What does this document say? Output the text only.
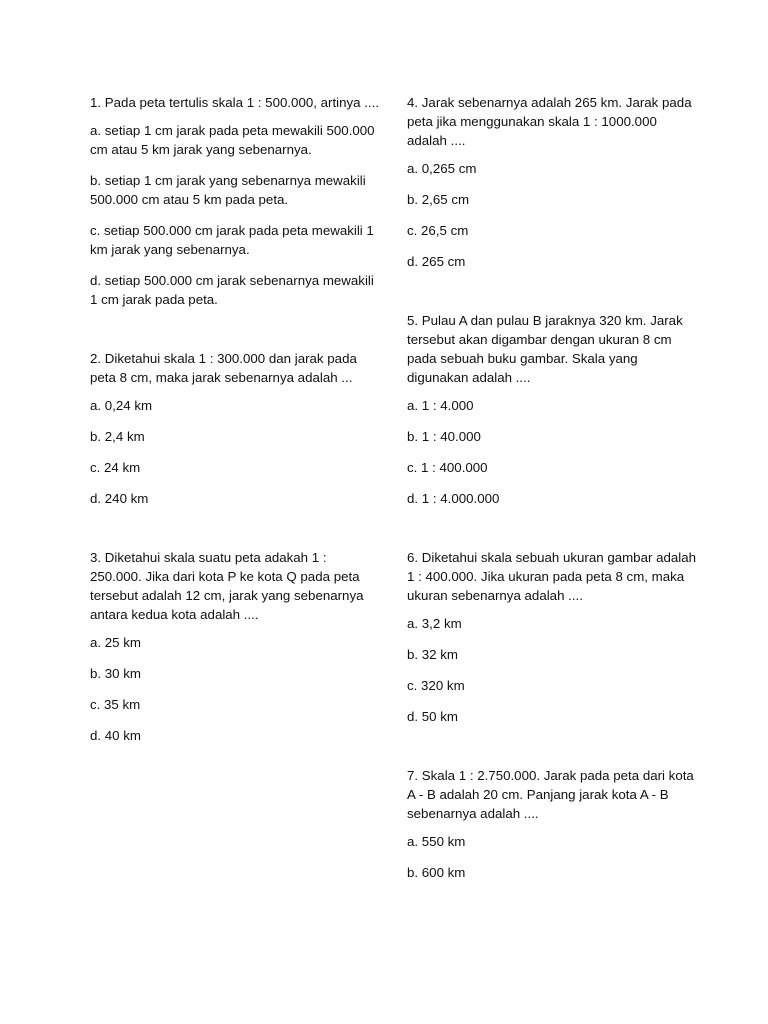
1. Pada peta tertulis skala 1 : 500.000, artinya ....

a. setiap 1 cm jarak pada peta mewakili 500.000 cm atau 5 km jarak yang sebenarnya.

b. setiap 1 cm jarak yang sebenarnya mewakili 500.000 cm atau 5 km pada peta.

c. setiap 500.000 cm jarak pada peta mewakili 1 km jarak yang sebenarnya.

d. setiap 500.000 cm jarak sebenarnya mewakili 1 cm jarak pada peta.

2. Diketahui skala 1 : 300.000 dan jarak pada peta 8 cm, maka jarak sebenarnya adalah ...

a. 0,24 km

b. 2,4 km

c. 24 km

d. 240 km

3. Diketahui skala suatu peta adakah 1 : 250.000. Jika dari kota P ke kota Q pada peta tersebut adalah 12 cm, jarak yang sebenarnya antara kedua kota adalah ....

a. 25 km

b. 30 km

c. 35 km

d. 40 km

4. Jarak sebenarnya adalah 265 km. Jarak pada peta jika menggunakan skala 1 : 1000.000 adalah ....

a. 0,265 cm

b. 2,65 cm

c. 26,5 cm

d. 265 cm

5. Pulau A dan pulau B jaraknya 320 km. Jarak tersebut akan digambar dengan ukuran 8 cm pada sebuah buku gambar. Skala yang digunakan adalah ....

a. 1 : 4.000

b. 1 : 40.000

c. 1 : 400.000

d. 1 : 4.000.000

6. Diketahui skala sebuah ukuran gambar adalah 1 : 400.000. Jika ukuran pada peta 8 cm, maka ukuran sebenarnya adalah ....

a. 3,2 km

b. 32 km

c. 320 km

d. 50 km

7. Skala 1 : 2.750.000. Jarak pada peta dari kota A - B adalah 20 cm. Panjang jarak kota A - B sebenarnya adalah ....

a. 550 km

b. 600 km
